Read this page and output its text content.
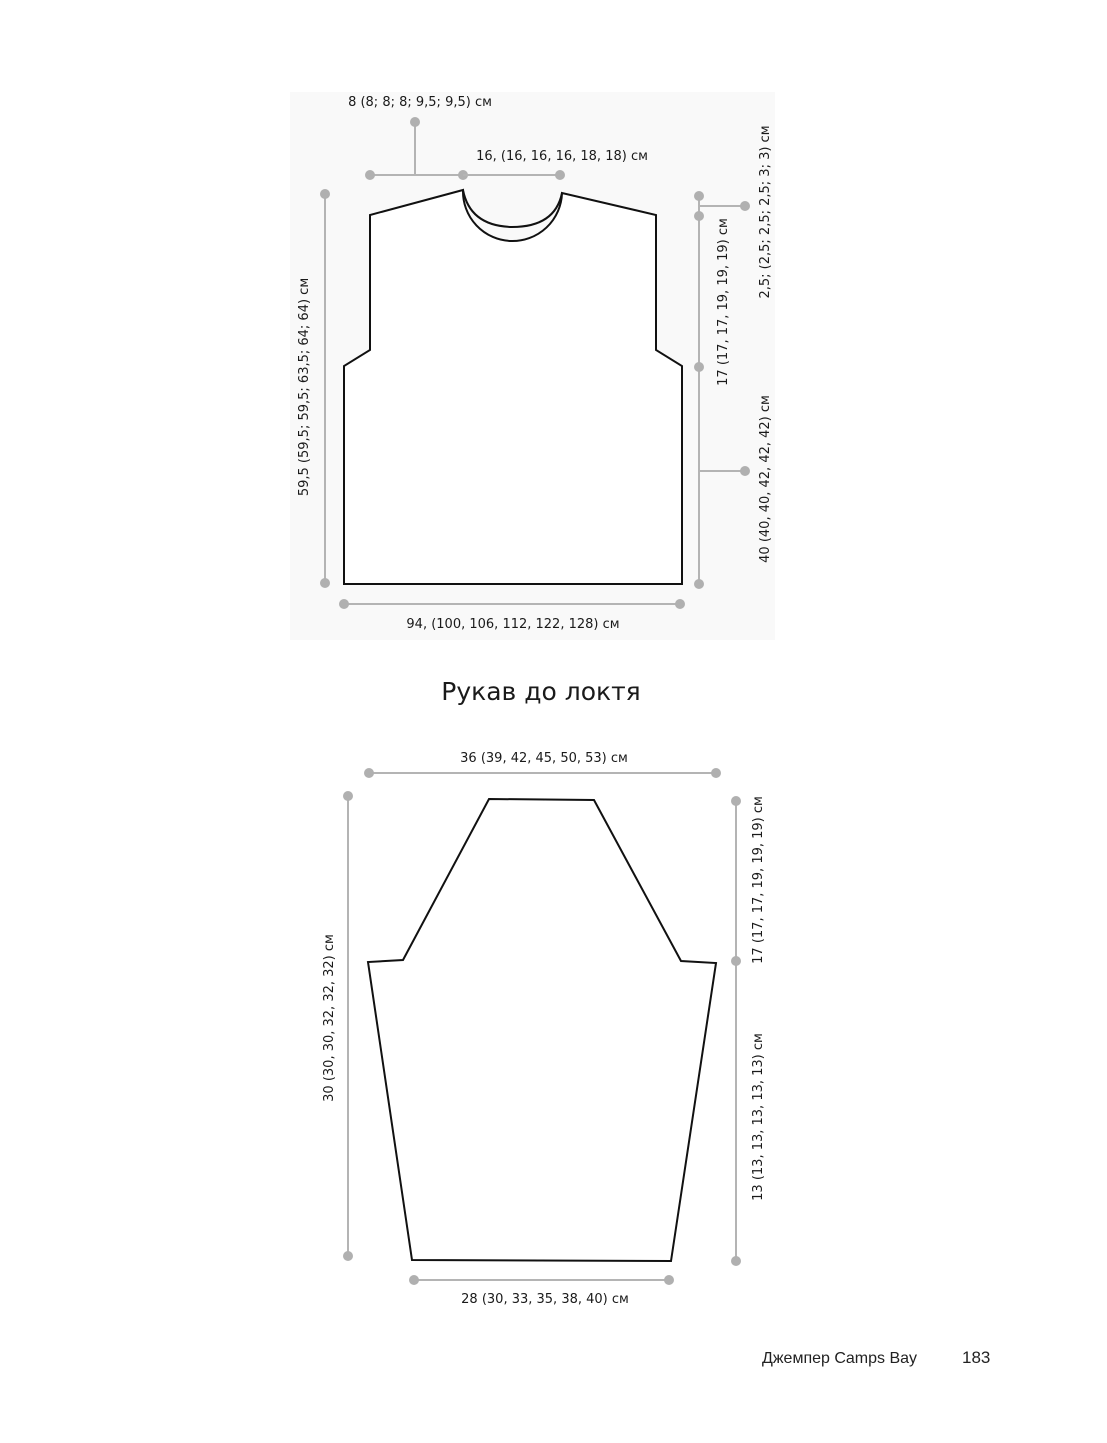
8 (8; 8; 8; 9,5; 9,5) см
16, (16, 16, 16, 18, 18) см
59,5 (59,5; 59,5; 63,5; 64; 64) см
2,5; (2,5; 2,5; 2,5; 3; 3) см
17 (17, 17, 19, 19, 19) см
40 (40, 40, 42, 42, 42) см
94, (100, 106, 112, 122, 128) см
Рукав до локтя
36 (39, 42, 45, 50, 53) см
30 (30, 30, 32, 32, 32) см
17 (17, 17, 19, 19, 19) см
13 (13, 13, 13, 13, 13) см
28 (30, 33, 35, 38, 40) см
Джемпер Camps Bay	183
